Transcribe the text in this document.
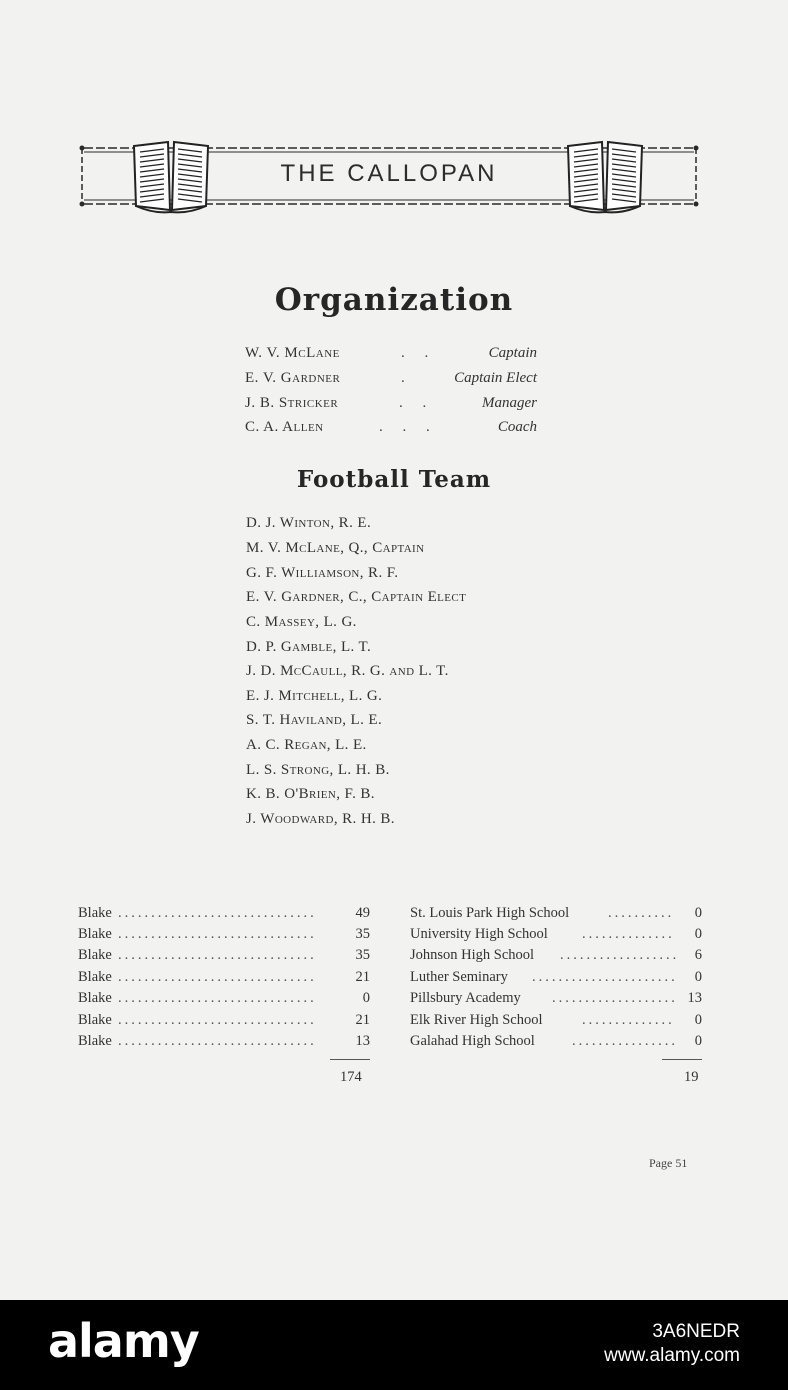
THE CALLOPAN
Organization
W. V. McLane	. .	Captain
E. V. Gardner	.	Captain Elect
J. B. Stricker	. .	Manager
C. A. Allen	. . .	Coach
Football Team
D. J. Winton, R. E.
M. V. McLane, Q., Captain
G. F. Williamson, R. F.
E. V. Gardner, C., Captain Elect
C. Massey, L. G.
D. P. Gamble, L. T.
J. D. McCaull, R. G. and L. T.
E. J. Mitchell, L. G.
S. T. Haviland, L. E.
A. C. Regan, L. E.
L. S. Strong, L. H. B.
K. B. O'Brien, F. B.
J. Woodward, R. H. B.
Blake ..............................	49
Blake ..............................	35
Blake ..............................	35
Blake ..............................	21
Blake ..............................	0
Blake ..............................	21
Blake ..............................	13
174
St. Louis Park High School	.......... 0
University High School .............. 0
Johnson High School .................. 6
Luther Seminary ...................... 0
Pillsbury Academy ................... 13
Elk River High School	.............. 0
Galahad High School	................ 0
19
Page 51
alamy	3A6NEDR
www.alamy.com
